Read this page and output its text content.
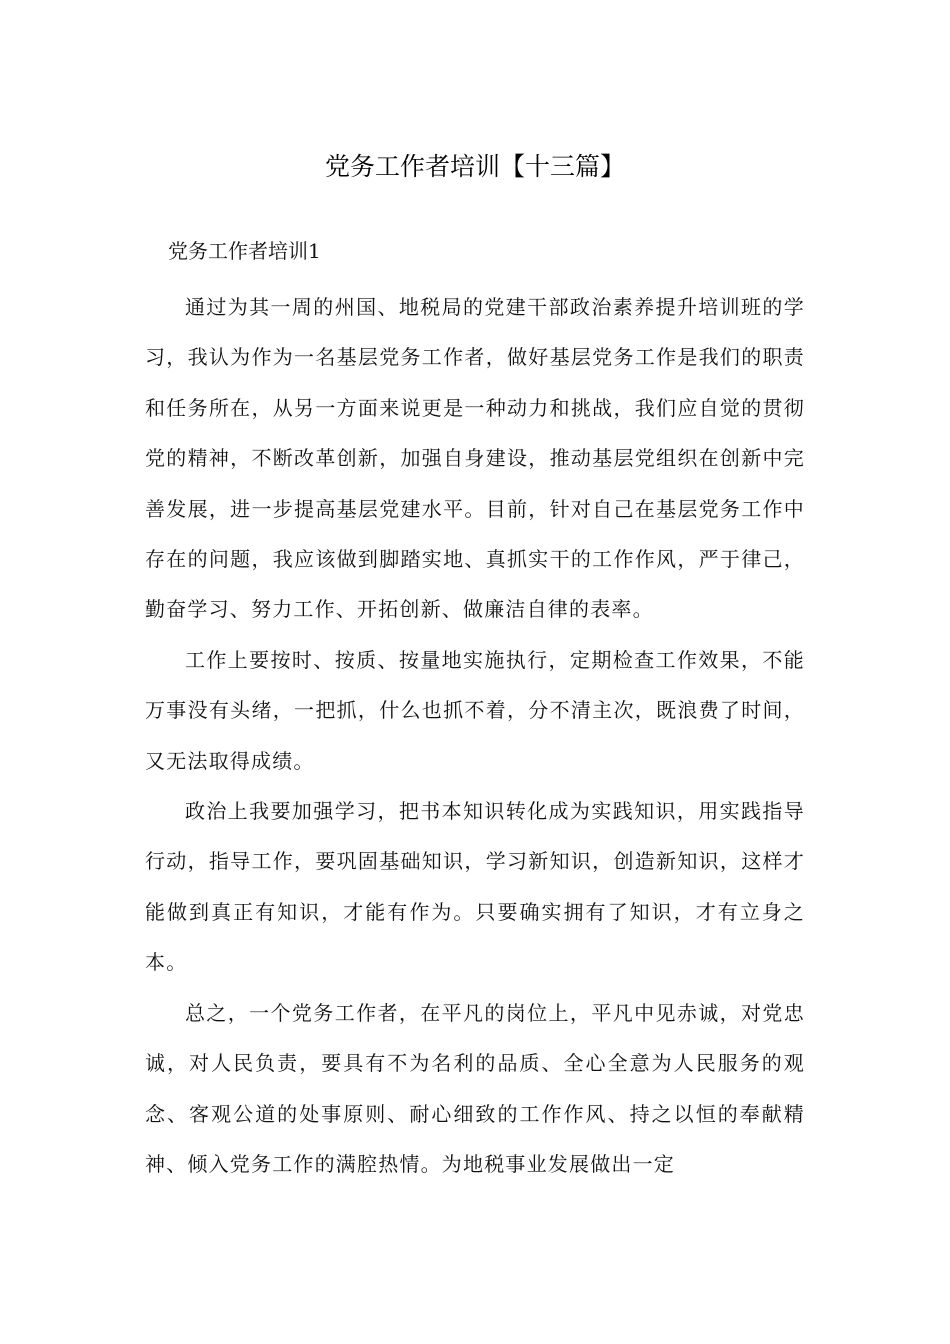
党务工作者培训【十三篇】
党务工作者培训1

通过为其一周的州国、地税局的党建干部政治素养提升培训班的学习，我认为作为一名基层党务工作者，做好基层党务工作是我们的职责和任务所在，从另一方面来说更是一种动力和挑战，我们应自觉的贯彻党的精神，不断改革创新，加强自身建设，推动基层党组织在创新中完善发展，进一步提高基层党建水平。目前，针对自己在基层党务工作中存在的问题，我应该做到脚踏实地、真抓实干的工作作风，严于律己，勤奋学习、努力工作、开拓创新、做廉洁自律的表率。

工作上要按时、按质、按量地实施执行，定期检查工作效果，不能万事没有头绪，一把抓，什么也抓不着，分不清主次，既浪费了时间，又无法取得成绩。

政治上我要加强学习，把书本知识转化成为实践知识，用实践指导行动，指导工作，要巩固基础知识，学习新知识，创造新知识，这样才能做到真正有知识，才能有作为。只要确实拥有了知识，才有立身之本。

总之，一个党务工作者，在平凡的岗位上，平凡中见赤诚，对党忠诚，对人民负责，要具有不为名利的品质、全心全意为人民服务的观念、客观公道的处事原则、耐心细致的工作作风、持之以恒的奉献精神、倾入党务工作的满腔热情。为地税事业发展做出一定
